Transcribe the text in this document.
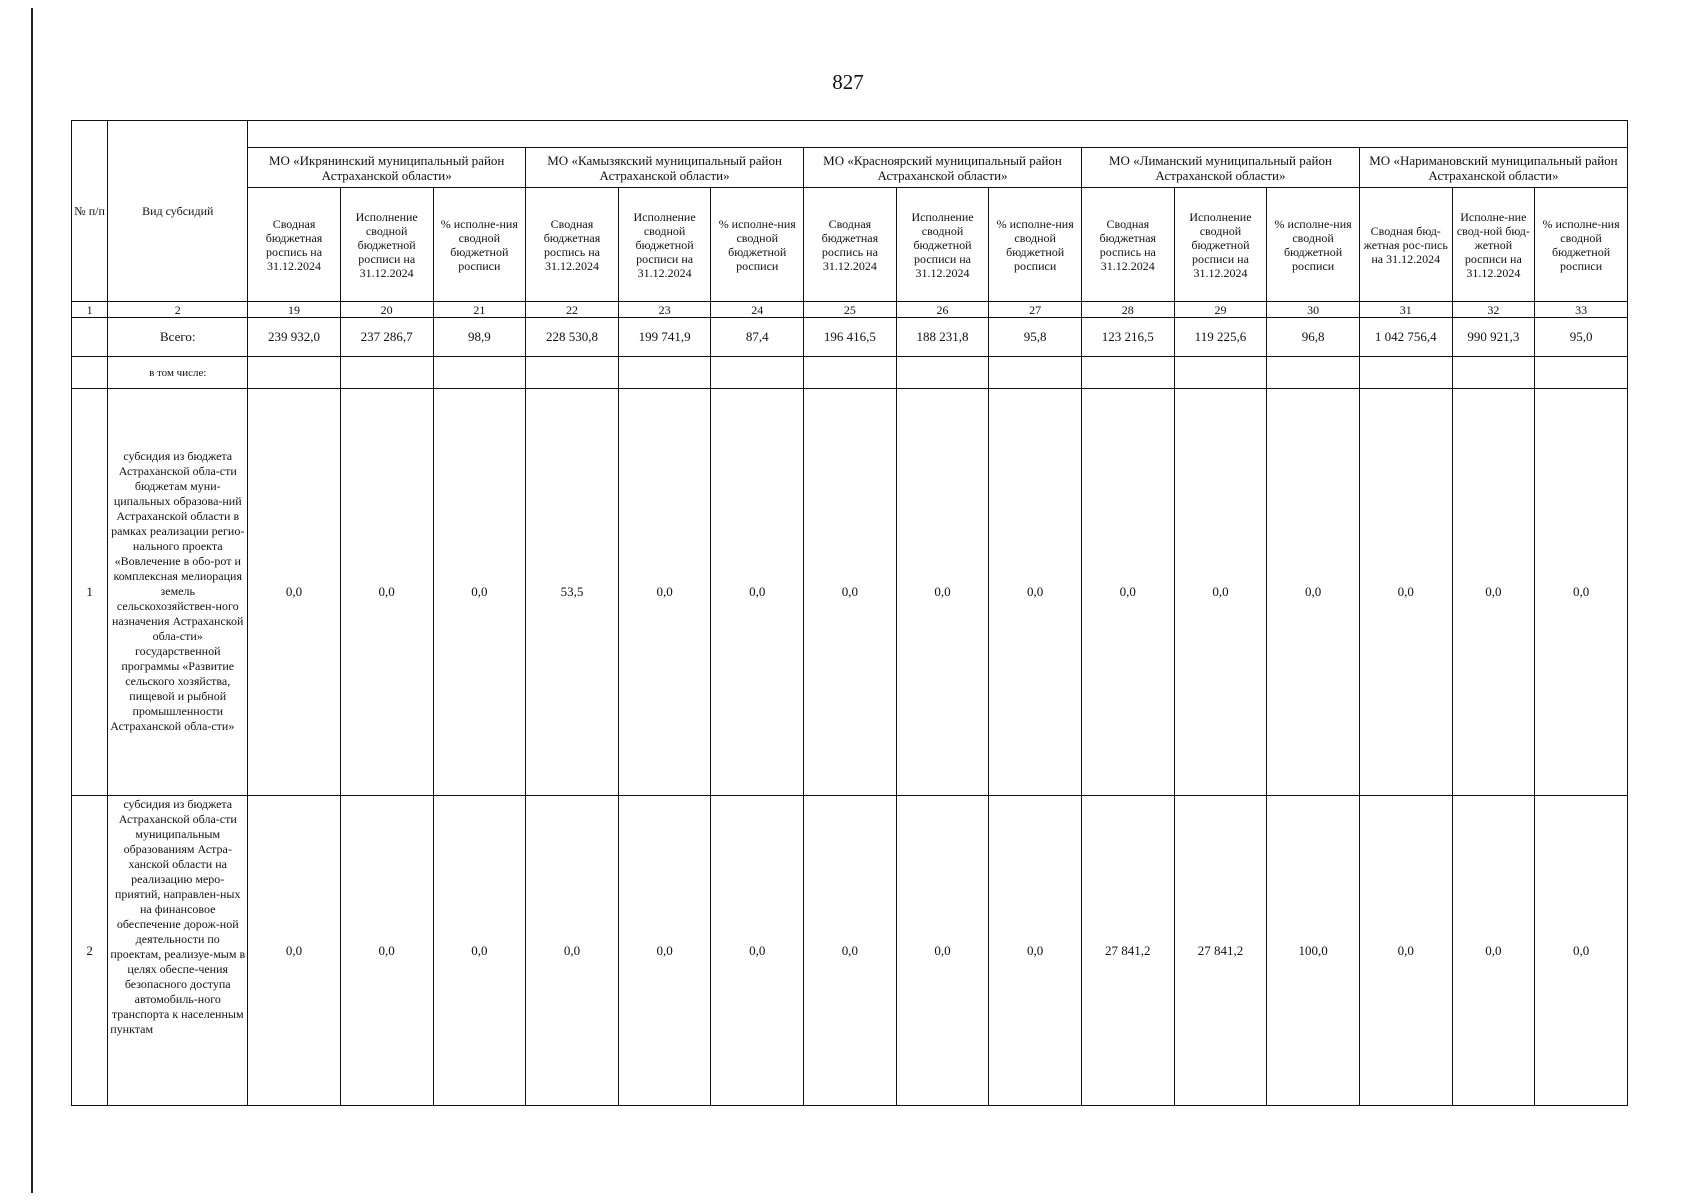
827
№ п/п	Вид субсидий															
		МО «Икрянинский муниципальный район Астраханской области»			МО «Камызякский муниципальный район Астраханской области»			МО «Красноярский муниципальный район Астраханской области»			МО «Лиманский муниципальный район Астраханской области»			МО «Наримановский муниципальный район Астраханской области»		
		Сводная бюджетная роспись на 31.12.2024	Исполнение сводной бюджетной росписи на 31.12.2024	% исполне-ния сводной бюджетной росписи	Сводная бюджетная роспись на 31.12.2024	Исполнение сводной бюджетной росписи на 31.12.2024	% исполне-ния сводной бюджетной росписи	Сводная бюджетная роспись на 31.12.2024	Исполнение сводной бюджетной росписи на 31.12.2024	% исполне-ния сводной бюджетной росписи	Сводная бюджетная роспись на 31.12.2024	Исполнение сводной бюджетной росписи на 31.12.2024	% исполне-ния сводной бюджетной росписи	Сводная бюд-жетная рос-пись на 31.12.2024	Исполне-ние свод-ной бюд-жетной росписи на 31.12.2024	% исполне-ния сводной бюджетной росписи
1	2	19	20	21	22	23	24	25	26	27	28	29	30	31	32	33
	Всего:	239 932,0	237 286,7	98,9	228 530,8	199 741,9	87,4	196 416,5	188 231,8	95,8	123 216,5	119 225,6	96,8	1 042 756,4	990 921,3	95,0
	в том числе:															
1	субсидия из бюджета Астраханской обла-сти бюджетам муни-ципальных образова-ний Астраханской области в рамках реализации регио-нального проекта «Вовлечение в обо-рот и комплексная мелиорация земель сельскохозяйствен-ного назначения Астраханской обла-сти» государственной программы «Развитие сельского хозяйства, пищевой и рыбной промышленности Астраханской обла-сти»	0,0	0,0	0,0	53,5	0,0	0,0	0,0	0,0	0,0	0,0	0,0	0,0	0,0	0,0	0,0
2	субсидия из бюджета Астраханской обла-сти муниципальным образованиям Астра-ханской области на реализацию меро-приятий, направлен-ных на финансовое обеспечение дорож-ной деятельности по проектам, реализуе-мым в целях обеспе-чения безопасного доступа автомобиль-ного транспорта к населенным пунктам	0,0	0,0	0,0	0,0	0,0	0,0	0,0	0,0	0,0	27 841,2	27 841,2	100,0	0,0	0,0	0,0
